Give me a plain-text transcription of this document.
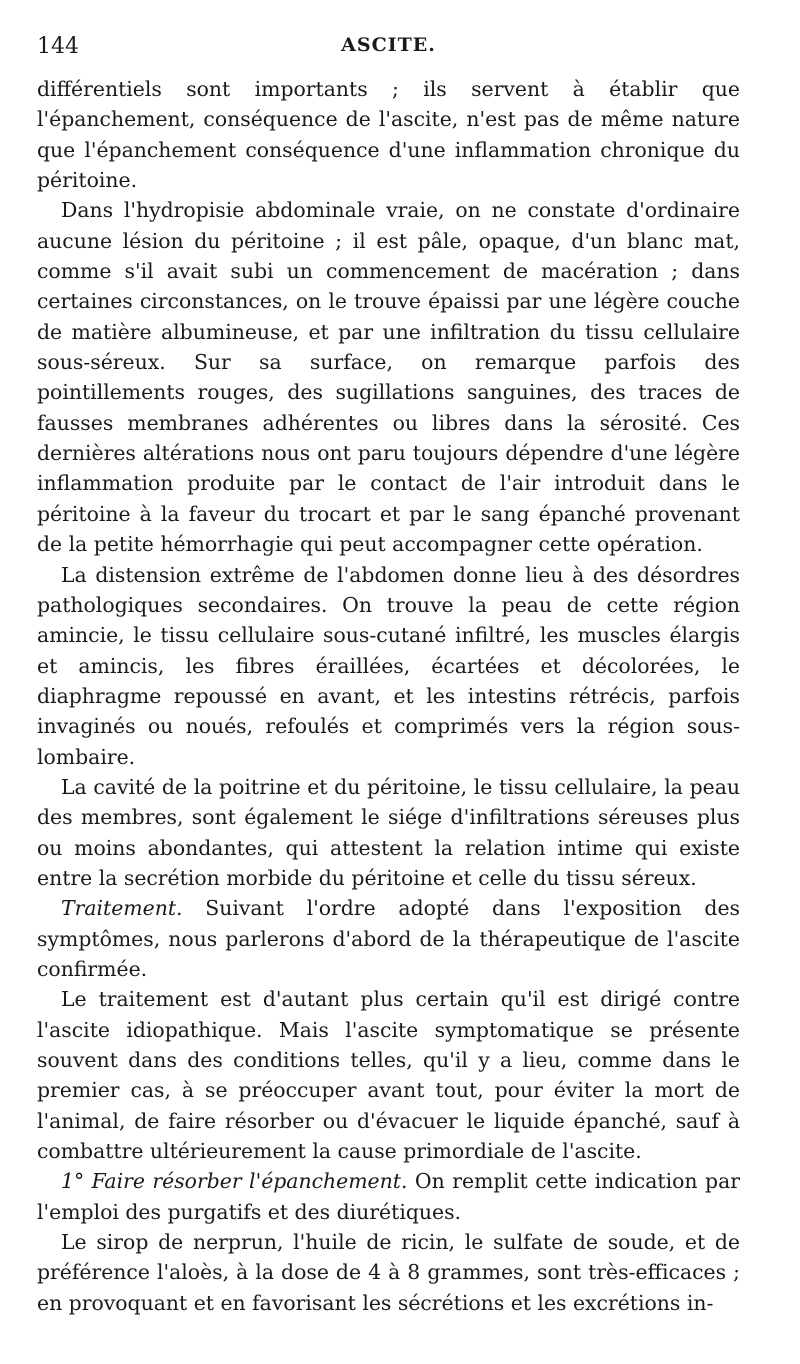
144	ASCITE.

différentiels sont importants ; ils servent à établir que l'épanchement, conséquence de l'ascite, n'est pas de même nature que l'épanchement conséquence d'une inflammation chronique du péritoine.

Dans l'hydropisie abdominale vraie, on ne constate d'ordinaire aucune lésion du péritoine ; il est pâle, opaque, d'un blanc mat, comme s'il avait subi un commencement de macération ; dans certaines circonstances, on le trouve épaissi par une légère couche de matière albumineuse, et par une infiltration du tissu cellulaire sous-séreux. Sur sa surface, on remarque parfois des pointillements rouges, des sugillations sanguines, des traces de fausses membranes adhérentes ou libres dans la sérosité. Ces dernières altérations nous ont paru toujours dépendre d'une légère inflammation produite par le contact de l'air introduit dans le péritoine à la faveur du trocart et par le sang épanché provenant de la petite hémorrhagie qui peut accompagner cette opération.

La distension extrême de l'abdomen donne lieu à des désordres pathologiques secondaires. On trouve la peau de cette région amincie, le tissu cellulaire sous-cutané infiltré, les muscles élargis et amincis, les fibres éraillées, écartées et décolorées, le diaphragme repoussé en avant, et les intestins rétrécis, parfois invaginés ou noués, refoulés et comprimés vers la région sous-lombaire.

La cavité de la poitrine et du péritoine, le tissu cellulaire, la peau des membres, sont également le siége d'infiltrations séreuses plus ou moins abondantes, qui attestent la relation intime qui existe entre la secrétion morbide du péritoine et celle du tissu séreux.

Traitement. Suivant l'ordre adopté dans l'exposition des symptômes, nous parlerons d'abord de la thérapeutique de l'ascite confirmée.

Le traitement est d'autant plus certain qu'il est dirigé contre l'ascite idiopathique. Mais l'ascite symptomatique se présente souvent dans des conditions telles, qu'il y a lieu, comme dans le premier cas, à se préoccuper avant tout, pour éviter la mort de l'animal, de faire résorber ou d'évacuer le liquide épanché, sauf à combattre ultérieurement la cause primordiale de l'ascite.

1° Faire résorber l'épanchement. On remplit cette indication par l'emploi des purgatifs et des diurétiques.

Le sirop de nerprun, l'huile de ricin, le sulfate de soude, et de préférence l'aloès, à la dose de 4 à 8 grammes, sont très-efficaces ; en provoquant et en favorisant les sécrétions et les excrétions in-
